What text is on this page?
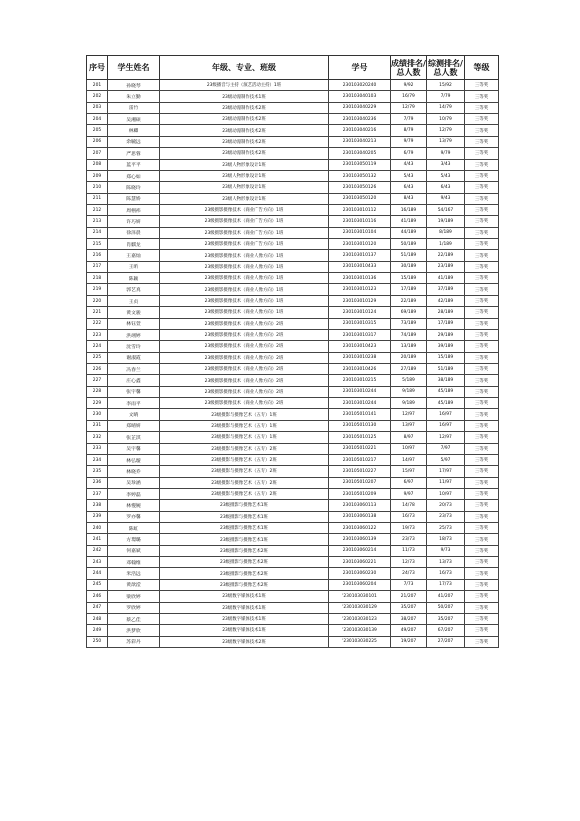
序号	学生姓名	年级、专业、班级	学号	成绩排名/总人数	综测排名/总人数	等级
201	孙晓琴	23级播音与主持（演艺活动主持）1班	230103020240	9/92	15/92	三等奖
202	朱立勤	23级动漫制作技术1班	230103040103	16/79	7/79	三等奖
203	雷竹	23级动漫制作技术2班	230103040229	12/79	14/79	三等奖
204	吴湘硕	23级动漫制作技术2班	230103040236	7/79	10/79	三等奖
205	林卿	23级动漫制作技术2班	230103040216	8/79	12/79	三等奖
206	余毓远	23级动漫制作技术2班	230103040213	9/79	13/79	三等奖
207	严思蓉	23级动漫制作技术2班	230103040205	6/79	9/79	三等奖
208	蓝平平	23级人物形象设计1班	230103050119	4/43	3/43	三等奖
209	郑心如	23级人物形象设计1班	230103050132	5/43	5/43	三等奖
210	陈晓玲	23级人物形象设计1班	230103050126	6/43	6/43	三等奖
211	陈慧娇	23级人物形象设计1班	230103050120	8/43	9/43	三等奖
212	周栩祎	23级摄影摄像技术（商业广告方向）1班	230103010112	16/189	54/167	三等奖
213	许巧妍	23级摄影摄像技术（商业广告方向）1班	230103010116	41/189	19/189	三等奖
214	徐泽晨	23级摄影摄像技术（商业广告方向）1班	230103010104	44/189	8/189	三等奖
215	肖麒龙	23级摄影摄像技术（商业广告方向）1班	230103010120	50/189	1/189	三等奖
216	王嘉灿	23级摄影摄像技术（商业人像方向）1班	230103010137	51/189	22/189	三等奖
217	王昕	23级摄影摄像技术（商业人像方向）1班	230103010433	30/189	23/189	三等奖
218	陈颖	23级摄影摄像技术（商业人像方向）1班	230103010136	15/189	41/189	三等奖
219	郭艺真	23级摄影摄像技术（商业人像方向）1班	230103010123	17/189	37/189	三等奖
220	王贞	23级摄影摄像技术（商业人像方向）1班	230103010129	22/189	42/189	三等奖
221	黄文骏	23级摄影摄像技术（商业人像方向）1班	230103010124	69/189	28/189	三等奖
222	林钰萱	23级摄影摄像技术（商业人像方向）2班	230103010315	73/189	17/189	三等奖
223	洪翊婷	23级摄影摄像技术（商业人像方向）2班	230103010317	74/189	29/189	三等奖
224	沈雪玲	23级摄影摄像技术（商业人像方向）2班	230103010423	13/189	39/189	三等奖
225	谢淑霞	23级摄影摄像技术（商业人像方向）2班	230103010238	20/189	15/189	三等奖
226	冯春兰	23级摄影摄像技术（商业人像方向）2班	230103010426	27/189	51/189	三等奖
227	庄心鑫	23级摄影摄像技术（商业人像方向）2班	230103010215	5/189	38/189	三等奖
228	张宇馨	23级摄影摄像技术（商业人像方向）2班	230103010244	9/189	45/189	三等奖
229	李雨平	23级摄影摄像技术（商业人像方向）2班	230103010244	9/189	45/189	三等奖
230	文晴	23级摄影与摄像艺术（五专）1班	230105010141	12/97	16/97	三等奖
231	郑晴妍	23级摄影与摄像艺术（五专）1班	230105010130	13/97	16/97	三等奖
232	张芷淇	23级摄影与摄像艺术（五专）1班	230105010125	8/97	12/97	三等奖
233	吴宇馨	23级摄影与摄像艺术（五专）2班	230105010221	10/97	7/97	三等奖
234	林弘璇	23级摄影与摄像艺术（五专）2班	230105010217	14/97	5/97	三等奖
235	林晓乔	23级摄影与摄像艺术（五专）2班	230105010227	15/97	17/97	三等奖
236	吴珍涵	23级摄影与摄像艺术（五专）2班	230105010207	6/97	11/97	三等奖
237	李婷磊	23级摄影与摄像艺术（五专）2班	230105010209	9/97	10/97	三等奖
238	林慢婉	23级摄影与摄像艺术1班	230103060113	14/78	20/73	三等奖
239	罗亦馨	23级摄影与摄像艺术1班	230103060138	16/73	23/73	三等奖
240	陈虹	23级摄影与摄像艺术1班	230103060122	19/73	25/73	三等奖
241	方璟璐	23级摄影与摄像艺术1班	230103060139	23/73	18/73	三等奖
242	何嘉斌	23级摄影与摄像艺术2班	230103060214	11/73	9/73	三等奖
243	邓翰维	23级摄影与摄像艺术2班	230103060221	12/73	13/73	三等奖
244	米浩远	23级摄影与摄像艺术2班	230103060230	24/73	16/73	三等奖
245	黄歆滢	23级摄影与摄像艺术2班	230103060204	7/73	17/73	三等奖
246	梁欣婷	23级数字媒体技术1班	'230103030101	21/207	41/207	三等奖
247	罗欣婷	23级数字媒体技术1班	'230103030129	35/207	50/207	三等奖
248	蔡乙佳	23级数字媒体技术1班	'230103030123	38/207	35/207	三等奖
249	洪梦欣	23级数字媒体技术1班	'230103030139	49/207	67/207	三等奖
250	苏彩丹	23级数字媒体技术2班	'230103030225	19/207	27/207	三等奖
